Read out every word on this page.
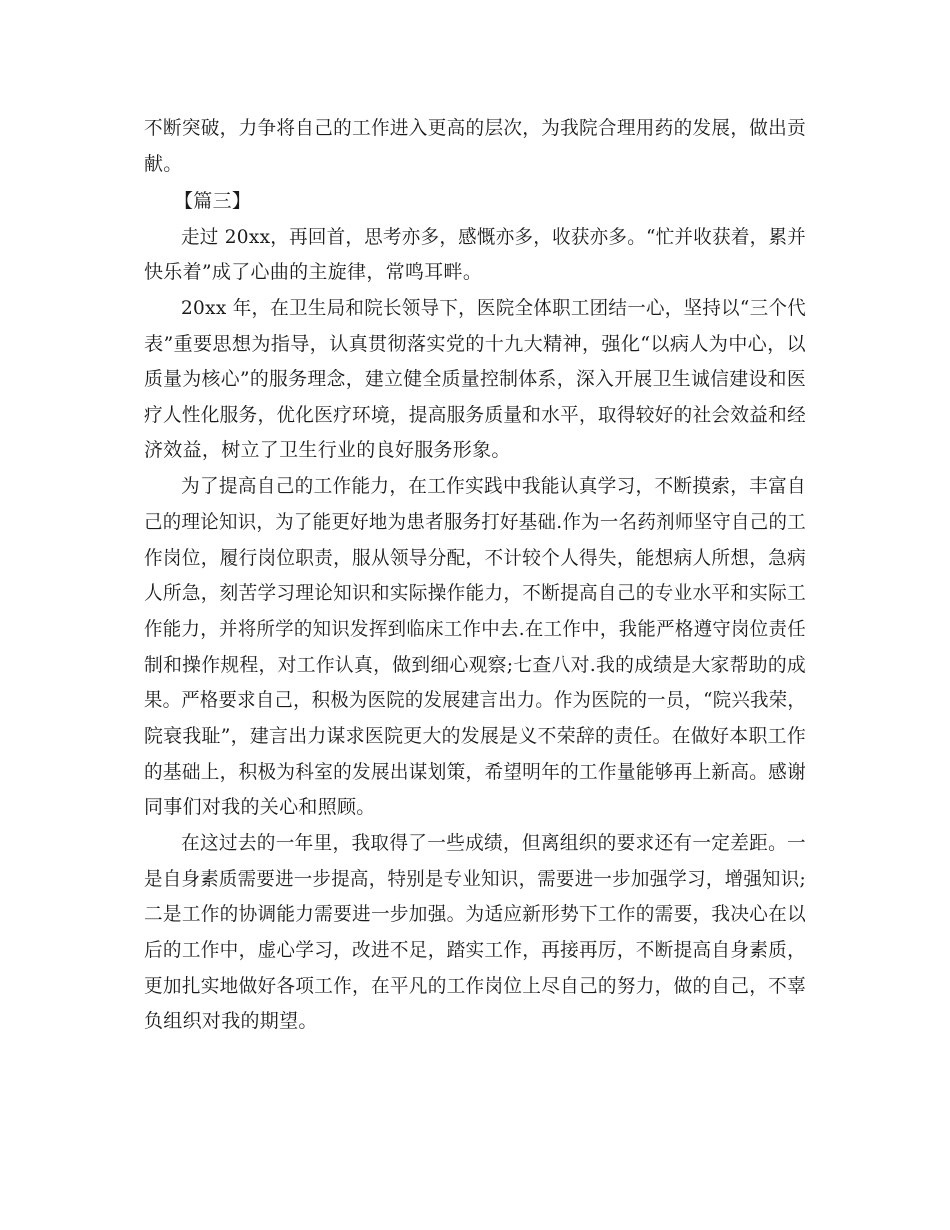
不断突破，力争将自己的工作进入更高的层次，为我院合理用药的发展，做出贡
献。
【篇三】
走过 20xx，再回首，思考亦多，感慨亦多，收获亦多。“忙并收获着，累并
快乐着”成了心曲的主旋律，常鸣耳畔。
20xx 年，在卫生局和院长领导下，医院全体职工团结一心，坚持以“三个代
表”重要思想为指导，认真贯彻落实党的十九大精神，强化“以病人为中心，以
质量为核心”的服务理念，建立健全质量控制体系，深入开展卫生诚信建设和医
疗人性化服务，优化医疗环境，提高服务质量和水平，取得较好的社会效益和经
济效益，树立了卫生行业的良好服务形象。
为了提高自己的工作能力，在工作实践中我能认真学习，不断摸索，丰富自
己的理论知识，为了能更好地为患者服务打好基础.作为一名药剂师坚守自己的工
作岗位，履行岗位职责，服从领导分配，不计较个人得失，能想病人所想，急病
人所急，刻苦学习理论知识和实际操作能力，不断提高自己的专业水平和实际工
作能力，并将所学的知识发挥到临床工作中去.在工作中，我能严格遵守岗位责任
制和操作规程，对工作认真，做到细心观察;七查八对.我的成绩是大家帮助的成
果。严格要求自己，积极为医院的发展建言出力。作为医院的一员，“院兴我荣，
院衰我耻”，建言出力谋求医院更大的发展是义不荣辞的责任。在做好本职工作
的基础上，积极为科室的发展出谋划策，希望明年的工作量能够再上新高。感谢
同事们对我的关心和照顾。
在这过去的一年里，我取得了一些成绩，但离组织的要求还有一定差距。一
是自身素质需要进一步提高，特别是专业知识，需要进一步加强学习，增强知识;
二是工作的协调能力需要进一步加强。为适应新形势下工作的需要，我决心在以
后的工作中，虚心学习，改进不足，踏实工作，再接再厉，不断提高自身素质，
更加扎实地做好各项工作，在平凡的工作岗位上尽自己的努力，做的自己，不辜
负组织对我的期望。
